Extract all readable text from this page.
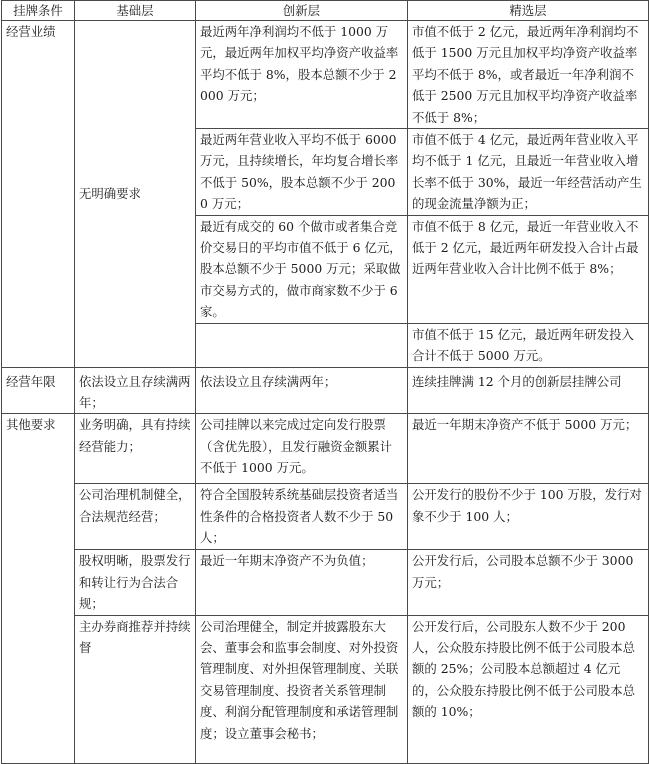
挂牌条件	基础层	创新层	精选层
经营业绩	无明确要求	最近两年净利润均不低于 1000 万元，最近两年加权平均净资产收益率平均不低于 8%，股本总额不少于 2000 万元；	市值不低于 2 亿元，最近两年净利润均不低于 1500 万元且加权平均净资产收益率平均不低于 8%，或者最近一年净利润不低于 2500 万元且加权平均净资产收益率不低于 8%；
		最近两年营业收入平均不低于 6000 万元，且持续增长，年均复合增长率不低于 50%，股本总额不少于 2000 万元；	市值不低于 4 亿元，最近两年营业收入平均不低于 1 亿元，且最近一年营业收入增长率不低于 30%，最近一年经营活动产生的现金流量净额为正；
		最近有成交的 60 个做市或者集合竞价交易日的平均市值不低于 6 亿元，股本总额不少于 5000 万元；采取做市交易方式的，做市商家数不少于 6 家。	市值不低于 8 亿元，最近一年营业收入不低于 2 亿元，最近两年研发投入合计占最近两年营业收入合计比例不低于 8%；
			市值不低于 15 亿元，最近两年研发投入合计不低于 5000 万元。
经营年限	依法设立且存续满两年；	依法设立且存续满两年；	连续挂牌满 12 个月的创新层挂牌公司
其他要求	业务明确，具有持续经营能力；	公司挂牌以来完成过定向发行股票（含优先股），且发行融资金额累计不低于 1000 万元。	最近一年期末净资产不低于 5000 万元；
	公司治理机制健全，合法规范经营；	符合全国股转系统基础层投资者适当性条件的合格投资者人数不少于 50 人；	公开发行的股份不少于 100 万股，发行对象不少于 100 人；
	股权明晰，股票发行和转让行为合法合规；	最近一年期末净资产不为负值；	公开发行后，公司股本总额不少于 3000 万元；
	主办券商推荐并持续督	公司治理健全，制定并披露股东大会、董事会和监事会制度、对外投资管理制度、对外担保管理制度、关联交易管理制度、投资者关系管理制度、利润分配管理制度和承诺管理制度；设立董事会秘书；	公开发行后，公司股东人数不少于 200 人，公众股东持股比例不低于公司股本总额的 25%；公司股本总额超过 4 亿元的，公众股东持股比例不低于公司股本总额的 10%；
